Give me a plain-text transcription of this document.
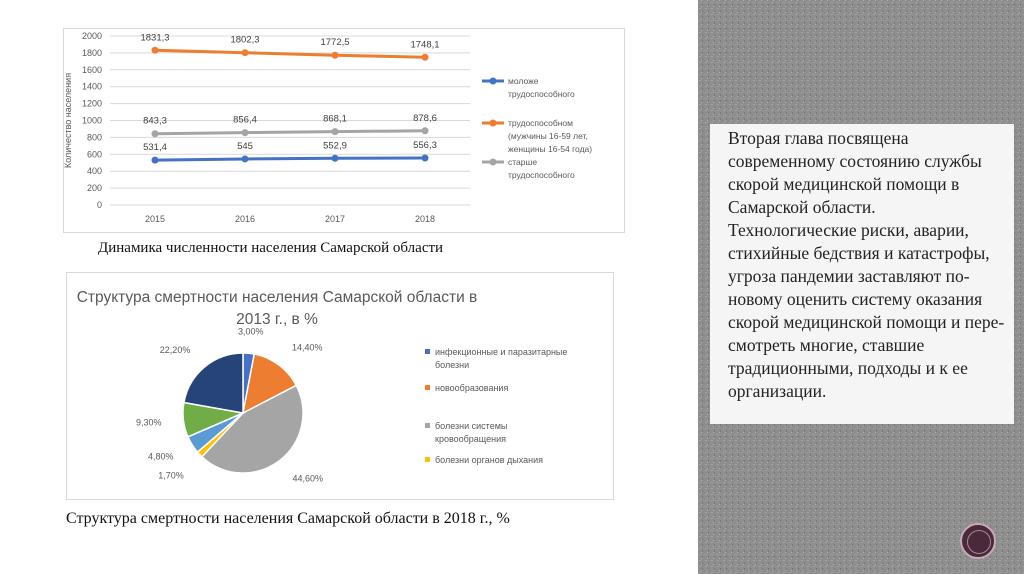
0
200
400
600
800
1000
1200
1400
1600
1800
2000
2015	2016	2017	2018
Количество населения	531,4	545	552,9	556,3
1831,3	1802,3	1772,5	1748,1
843,3	856,4	868,1	878,6
моложе
трудоспособного
трудоспособном
(мужчины 16-59 лет,
женщины 16-54 года)
старше
трудоспособного
Динамика численности населения Самарской области
Структура смертности населения Самарской области в
2013 г., в %
3,00%
14,40%
44,60%
1,70%
4,80%
9,30%
22,20%	инфекционные и паразитарные
болезни
новообразования
болезни системы
кровообращения
болезни органов дыхания
Структура смертности населения Самарской области в 2018 г., %

Вторая глава посвящена современному состоянию службы скорой медицинской помощи в Самарской области. Технологические риски, аварии, стихийные бедствия и катастрофы, угроза пандемии заставляют по-новому оценить систему оказания скорой медицинской помощи и пере-смотреть многие, ставшие традиционными, подходы и к ее организации.
